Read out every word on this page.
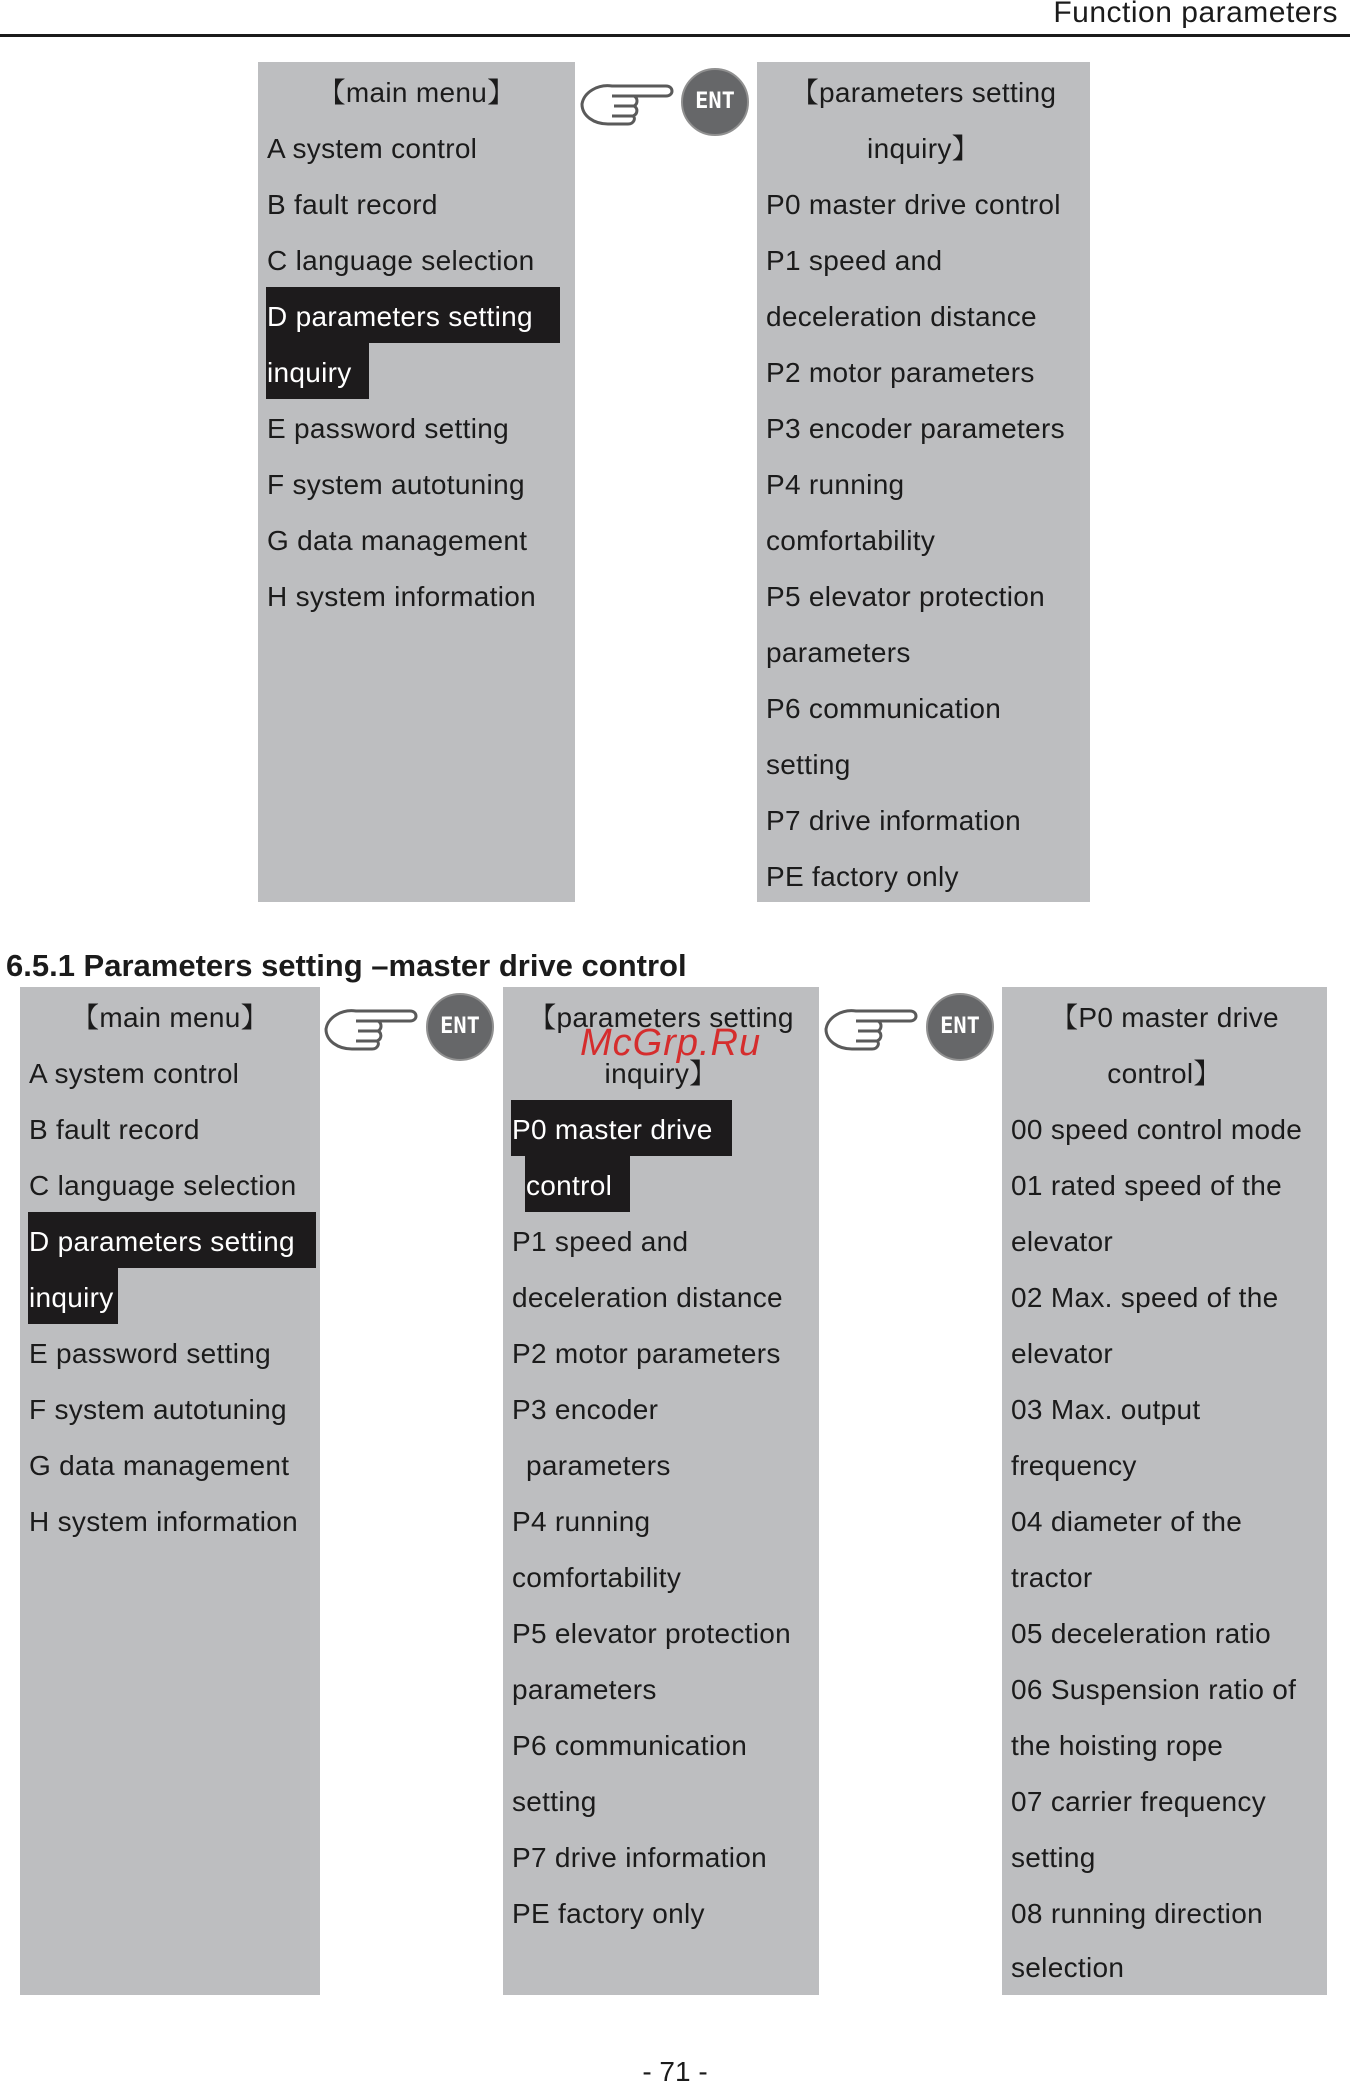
Function parameters
【main menu】
A system control
B fault record
C language selection
D parameters setting
inquiry
E password setting
F system autotuning
G data management
H system information
ENT	【parameters setting
inquiry】
P0 master drive control
P1 speed and
deceleration distance
P2 motor parameters
P3 encoder parameters
P4 running
comfortability
P5 elevator protection
parameters
P6 communication
setting
P7 drive information
PE factory only
6.5.1 Parameters setting –master drive control
【main menu】
A system control
B fault record
C language selection
D parameters setting
inquiry
E password setting
F system autotuning
G data management
H system information
ENT	【parameters setting
inquiry】
P0 master drive
control
P1 speed and
deceleration distance
P2 motor parameters
P3 encoder
parameters
P4 running
comfortability
P5 elevator protection
parameters
P6 communication
setting
P7 drive information
PE factory only
ENT	【P0 master drive
control】
00 speed control mode
01 rated speed of the
elevator
02 Max. speed of the
elevator
03 Max. output
frequency
04 diameter of the
tractor
05 deceleration ratio
06 Suspension ratio of
the hoisting rope
07 carrier frequency
setting
08 running direction
selection
McGrp.Ru
- 71 -
